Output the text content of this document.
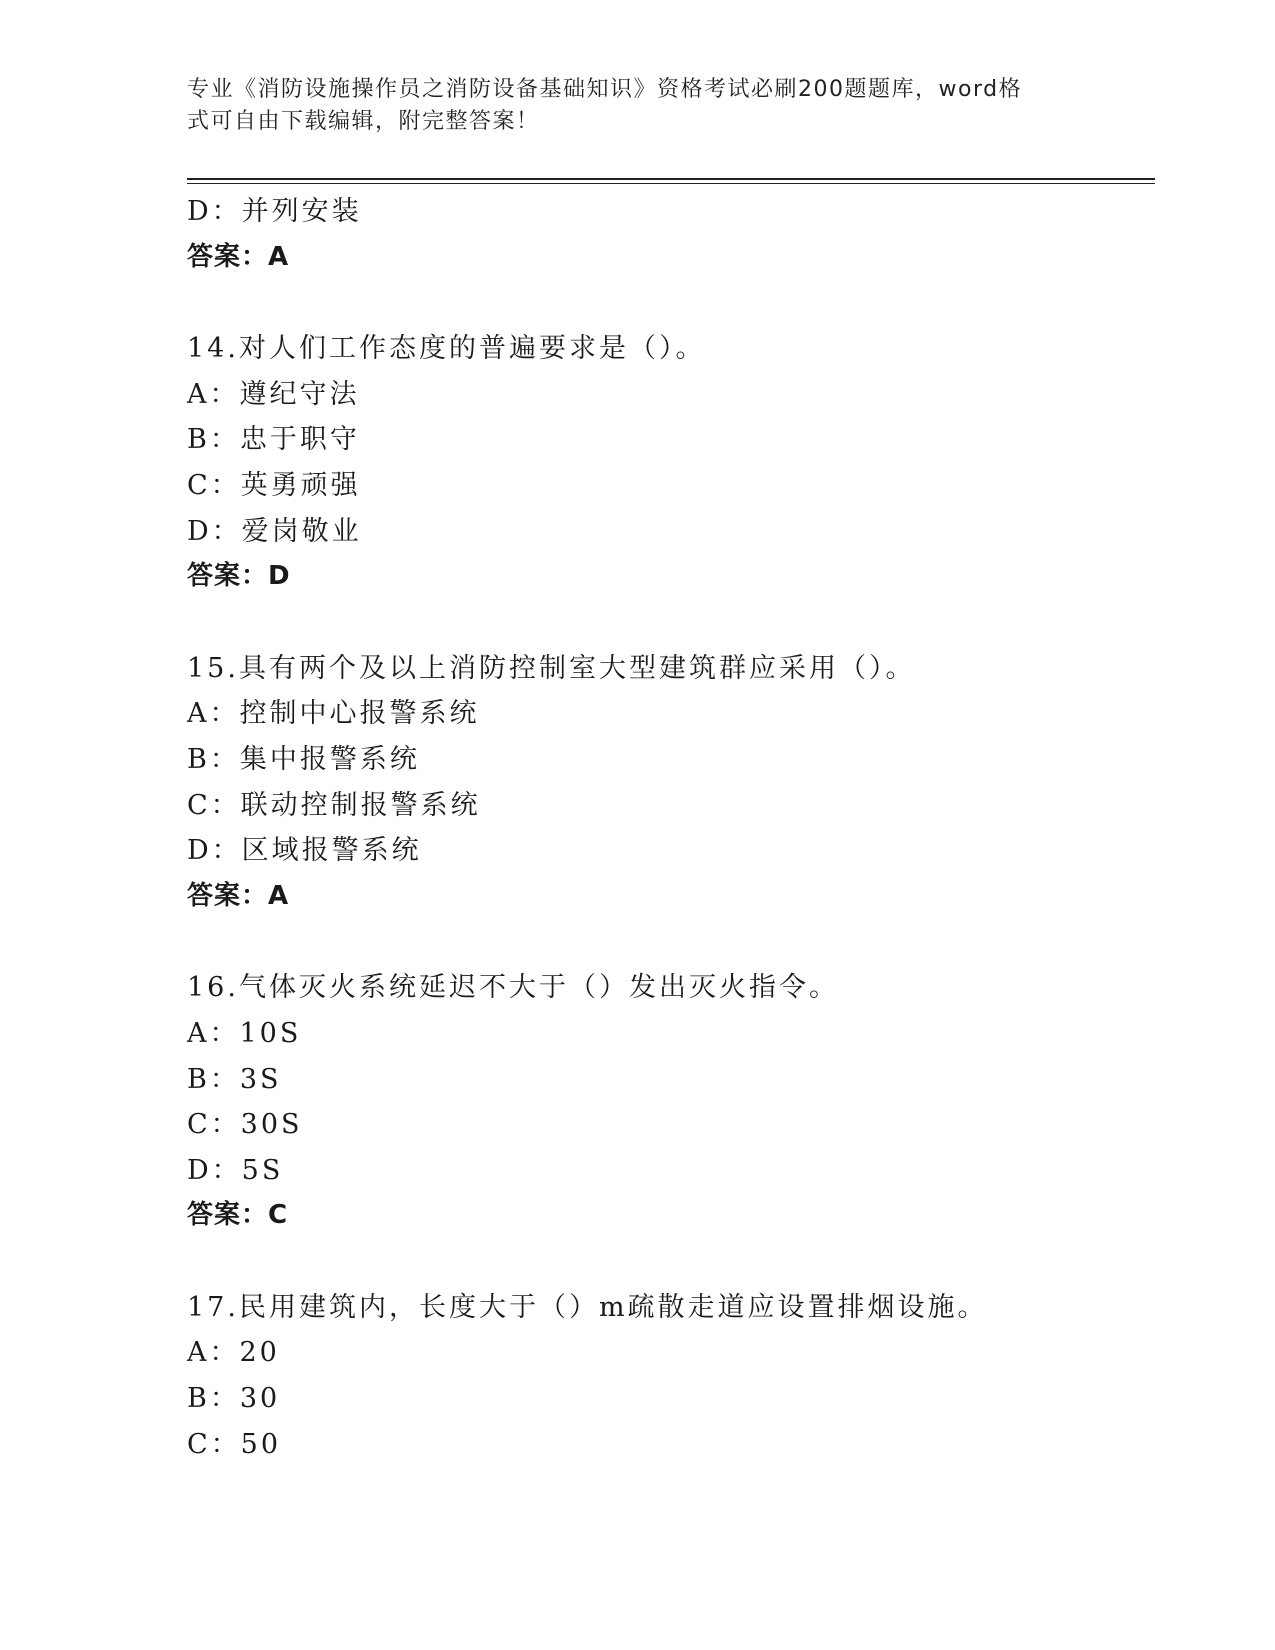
专业《消防设施操作员之消防设备基础知识》资格考试必刷200题题库，word格
式可自由下载编辑，附完整答案！
D：并列安装
答案：A
14.对人们工作态度的普遍要求是（）。
A：遵纪守法
B：忠于职守
C：英勇顽强
D：爱岗敬业
答案：D
15.具有两个及以上消防控制室大型建筑群应采用（）。
A：控制中心报警系统
B：集中报警系统
C：联动控制报警系统
D：区域报警系统
答案：A
16.气体灭火系统延迟不大于（）发出灭火指令。
A：10S
B：3S
C：30S
D：5S
答案：C
17.民用建筑内，长度大于（）m疏散走道应设置排烟设施。
A：20
B：30
C：50
